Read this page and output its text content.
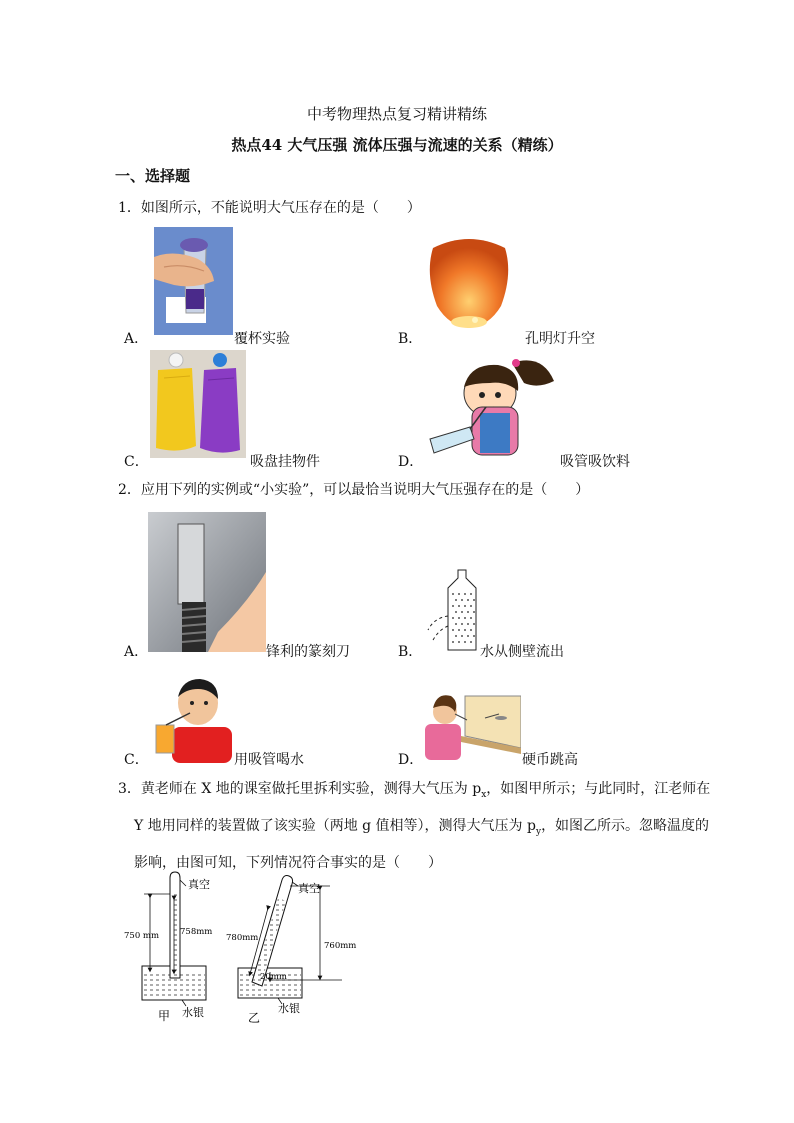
中考物理热点复习精讲精练
热点44 大气压强 流体压强与流速的关系（精练）
一、选择题
1．如图所示，不能说明大气压存在的是（　　）
A．	覆杯实验	B．	孔明灯升空
C．	吸盘挂物件	D．	吸管吸饮料
2．应用下列的实例或“小实验”，可以最恰当说明大气压强存在的是（　　）
A．	锋利的篆刻刀	B．	水从侧壁流出
C．	用吸管喝水	D．	硬币跳高
3．黄老师在 X 地的课室做托里拆利实验，测得大气压为 $p_x$，如图甲所示；与此同时，江老师在
Y 地用同样的装置做了该实验（两地 g 值相等），测得大气压为 $p_y$，如图乙所示。忽略温度的
影响，由图可知，下列情况符合事实的是（　　）
真空
750 mm 758mm
水银
甲
真空
780mm
760mm
20mm
水银
乙
